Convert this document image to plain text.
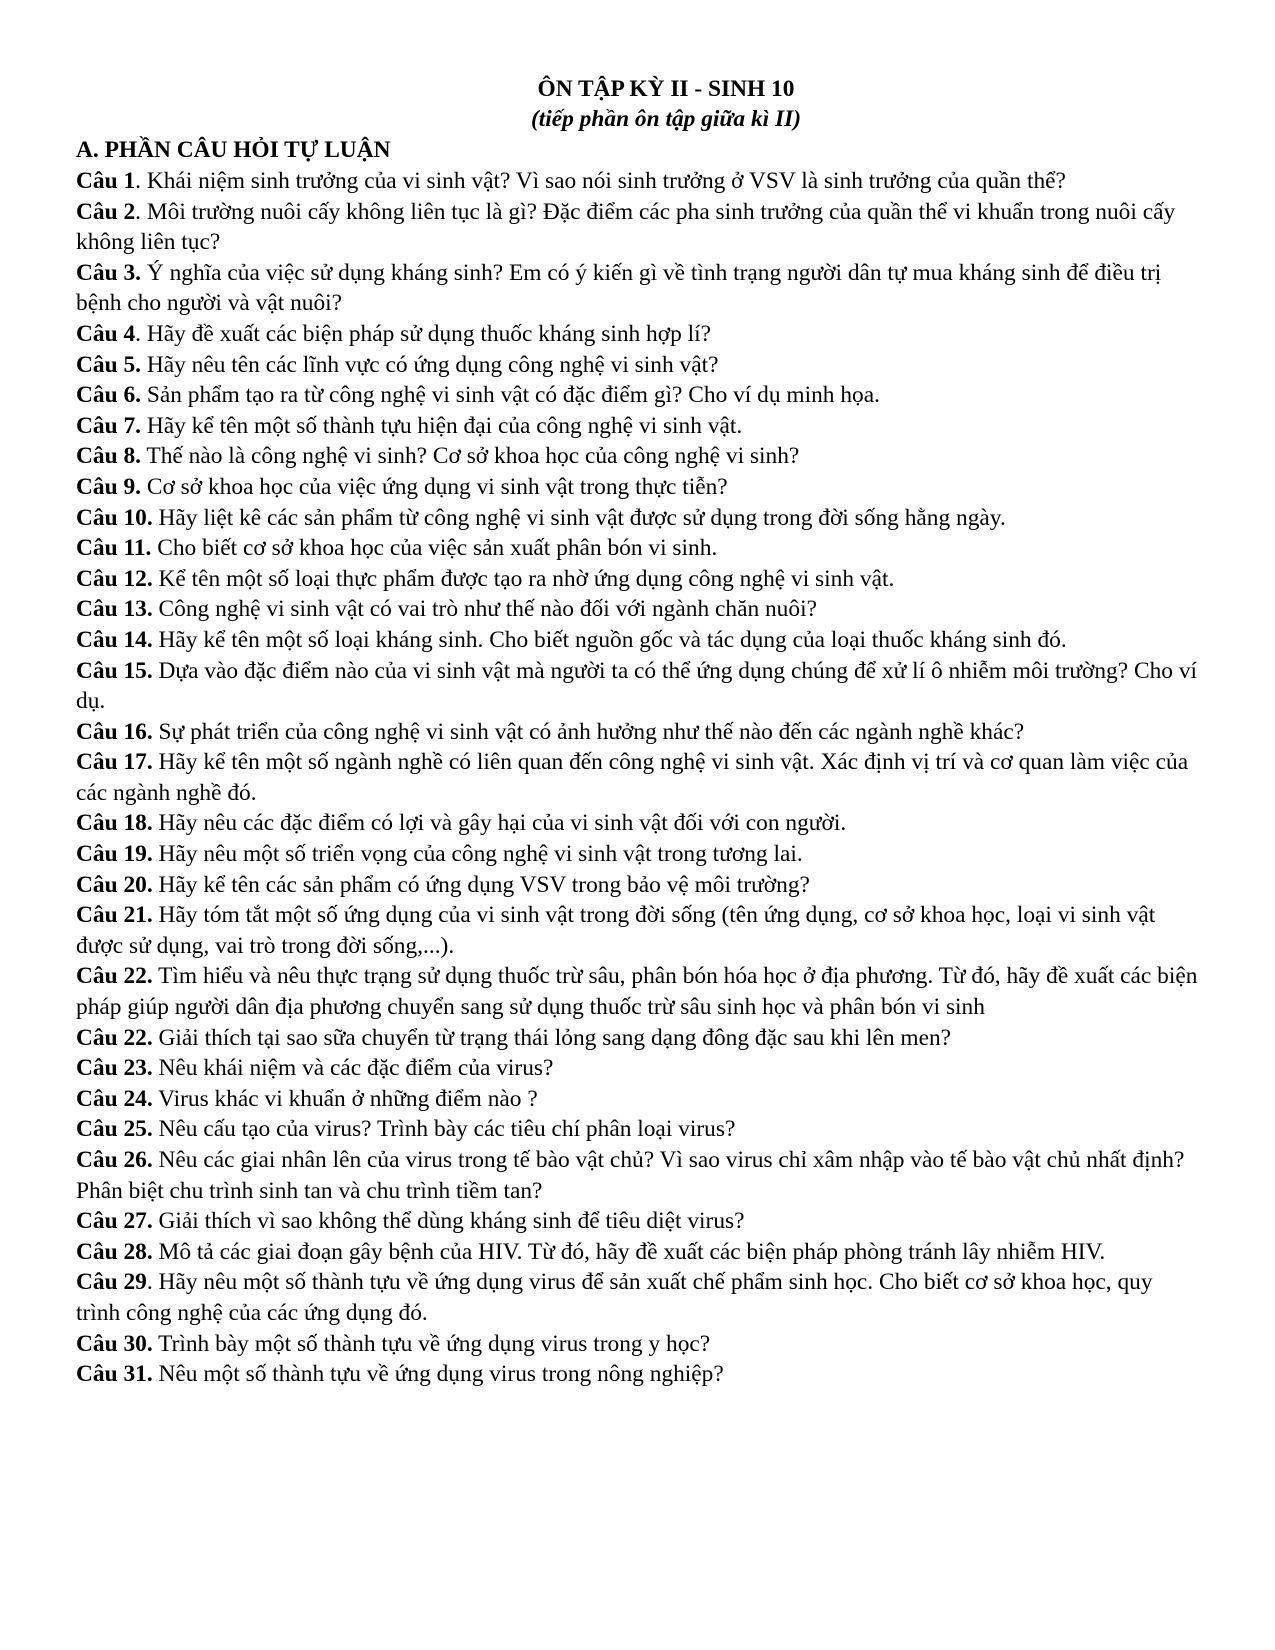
ÔN TẬP KỲ II - SINH 10
(tiếp phần ôn tập giữa kì II)
A. PHẦN CÂU HỎI TỰ LUẬN

Câu 1. Khái niệm sinh trưởng của vi sinh vật? Vì sao nói sinh trưởng ở VSV là sinh trưởng của quần thể?

Câu 2. Môi trường nuôi cấy không liên tục là gì? Đặc điểm các pha sinh trưởng của quần thể vi khuẩn trong nuôi cấy không liên tục?

Câu 3. Ý nghĩa của việc sử dụng kháng sinh? Em có ý kiến gì về tình trạng người dân tự mua kháng sinh để điều trị bệnh cho người và vật nuôi?

Câu 4. Hãy đề xuất các biện pháp sử dụng thuốc kháng sinh hợp lí?

Câu 5. Hãy nêu tên các lĩnh vực có ứng dụng công nghệ vi sinh vật?

Câu 6. Sản phẩm tạo ra từ công nghệ vi sinh vật có đặc điểm gì? Cho ví dụ minh họa.

Câu 7. Hãy kể tên một số thành tựu hiện đại của công nghệ vi sinh vật.

Câu 8. Thế nào là công nghệ vi sinh? Cơ sở khoa học của công nghệ vi sinh?

Câu 9. Cơ sở khoa học của việc ứng dụng vi sinh vật trong thực tiễn?

Câu 10. Hãy liệt kê các sản phẩm từ công nghệ vi sinh vật được sử dụng trong đời sống hằng ngày.

Câu 11. Cho biết cơ sở khoa học của việc sản xuất phân bón vi sinh.

Câu 12. Kể tên một số loại thực phẩm được tạo ra nhờ ứng dụng công nghệ vi sinh vật.

Câu 13. Công nghệ vi sinh vật có vai trò như thế nào đối với ngành chăn nuôi?

Câu 14. Hãy kể tên một số loại kháng sinh. Cho biết nguồn gốc và tác dụng của loại thuốc kháng sinh đó.

Câu 15. Dựa vào đặc điểm nào của vi sinh vật mà người ta có thể ứng dụng chúng để xử lí ô nhiễm môi trường? Cho ví dụ.

Câu 16. Sự phát triển của công nghệ vi sinh vật có ảnh hưởng như thế nào đến các ngành nghề khác?

Câu 17. Hãy kể tên một số ngành nghề có liên quan đến công nghệ vi sinh vật. Xác định vị trí và cơ quan làm việc của các ngành nghề đó.

Câu 18. Hãy nêu các đặc điểm có lợi và gây hại của vi sinh vật đối với con người.

Câu 19. Hãy nêu một số triển vọng của công nghệ vi sinh vật trong tương lai.

Câu 20. Hãy kể tên các sản phẩm có ứng dụng VSV trong bảo vệ môi trường?

Câu 21. Hãy tóm tắt một số ứng dụng của vi sinh vật trong đời sống (tên ứng dụng, cơ sở khoa học, loại vi sinh vật được sử dụng, vai trò trong đời sống,...).

Câu 22. Tìm hiểu và nêu thực trạng sử dụng thuốc trừ sâu, phân bón hóa học ở địa phương. Từ đó, hãy đề xuất các biện pháp giúp người dân địa phương chuyển sang sử dụng thuốc trừ sâu sinh học và phân bón vi sinh

Câu 22. Giải thích tại sao sữa chuyển từ trạng thái lỏng sang dạng đông đặc sau khi lên men?

Câu 23. Nêu khái niệm và các đặc điểm của virus?

Câu 24. Virus khác vi khuẩn ở những điểm nào ?

Câu 25. Nêu cấu tạo của virus? Trình bày các tiêu chí phân loại virus?

Câu 26. Nêu các giai nhân lên của virus trong tế bào vật chủ? Vì sao virus chỉ xâm nhập vào tế bào vật chủ nhất định? Phân biệt chu trình sinh tan và chu trình tiềm tan?

Câu 27. Giải thích vì sao không thể dùng kháng sinh để tiêu diệt virus?

Câu 28. Mô tả các giai đoạn gây bệnh của HIV. Từ đó, hãy đề xuất các biện pháp phòng tránh lây nhiễm HIV.

Câu 29. Hãy nêu một số thành tựu về ứng dụng virus để sản xuất chế phẩm sinh học. Cho biết cơ sở khoa học, quy trình công nghệ của các ứng dụng đó.

Câu 30. Trình bày một số thành tựu về ứng dụng virus trong y học?

Câu 31. Nêu một số thành tựu về ứng dụng virus trong nông nghiệp?
